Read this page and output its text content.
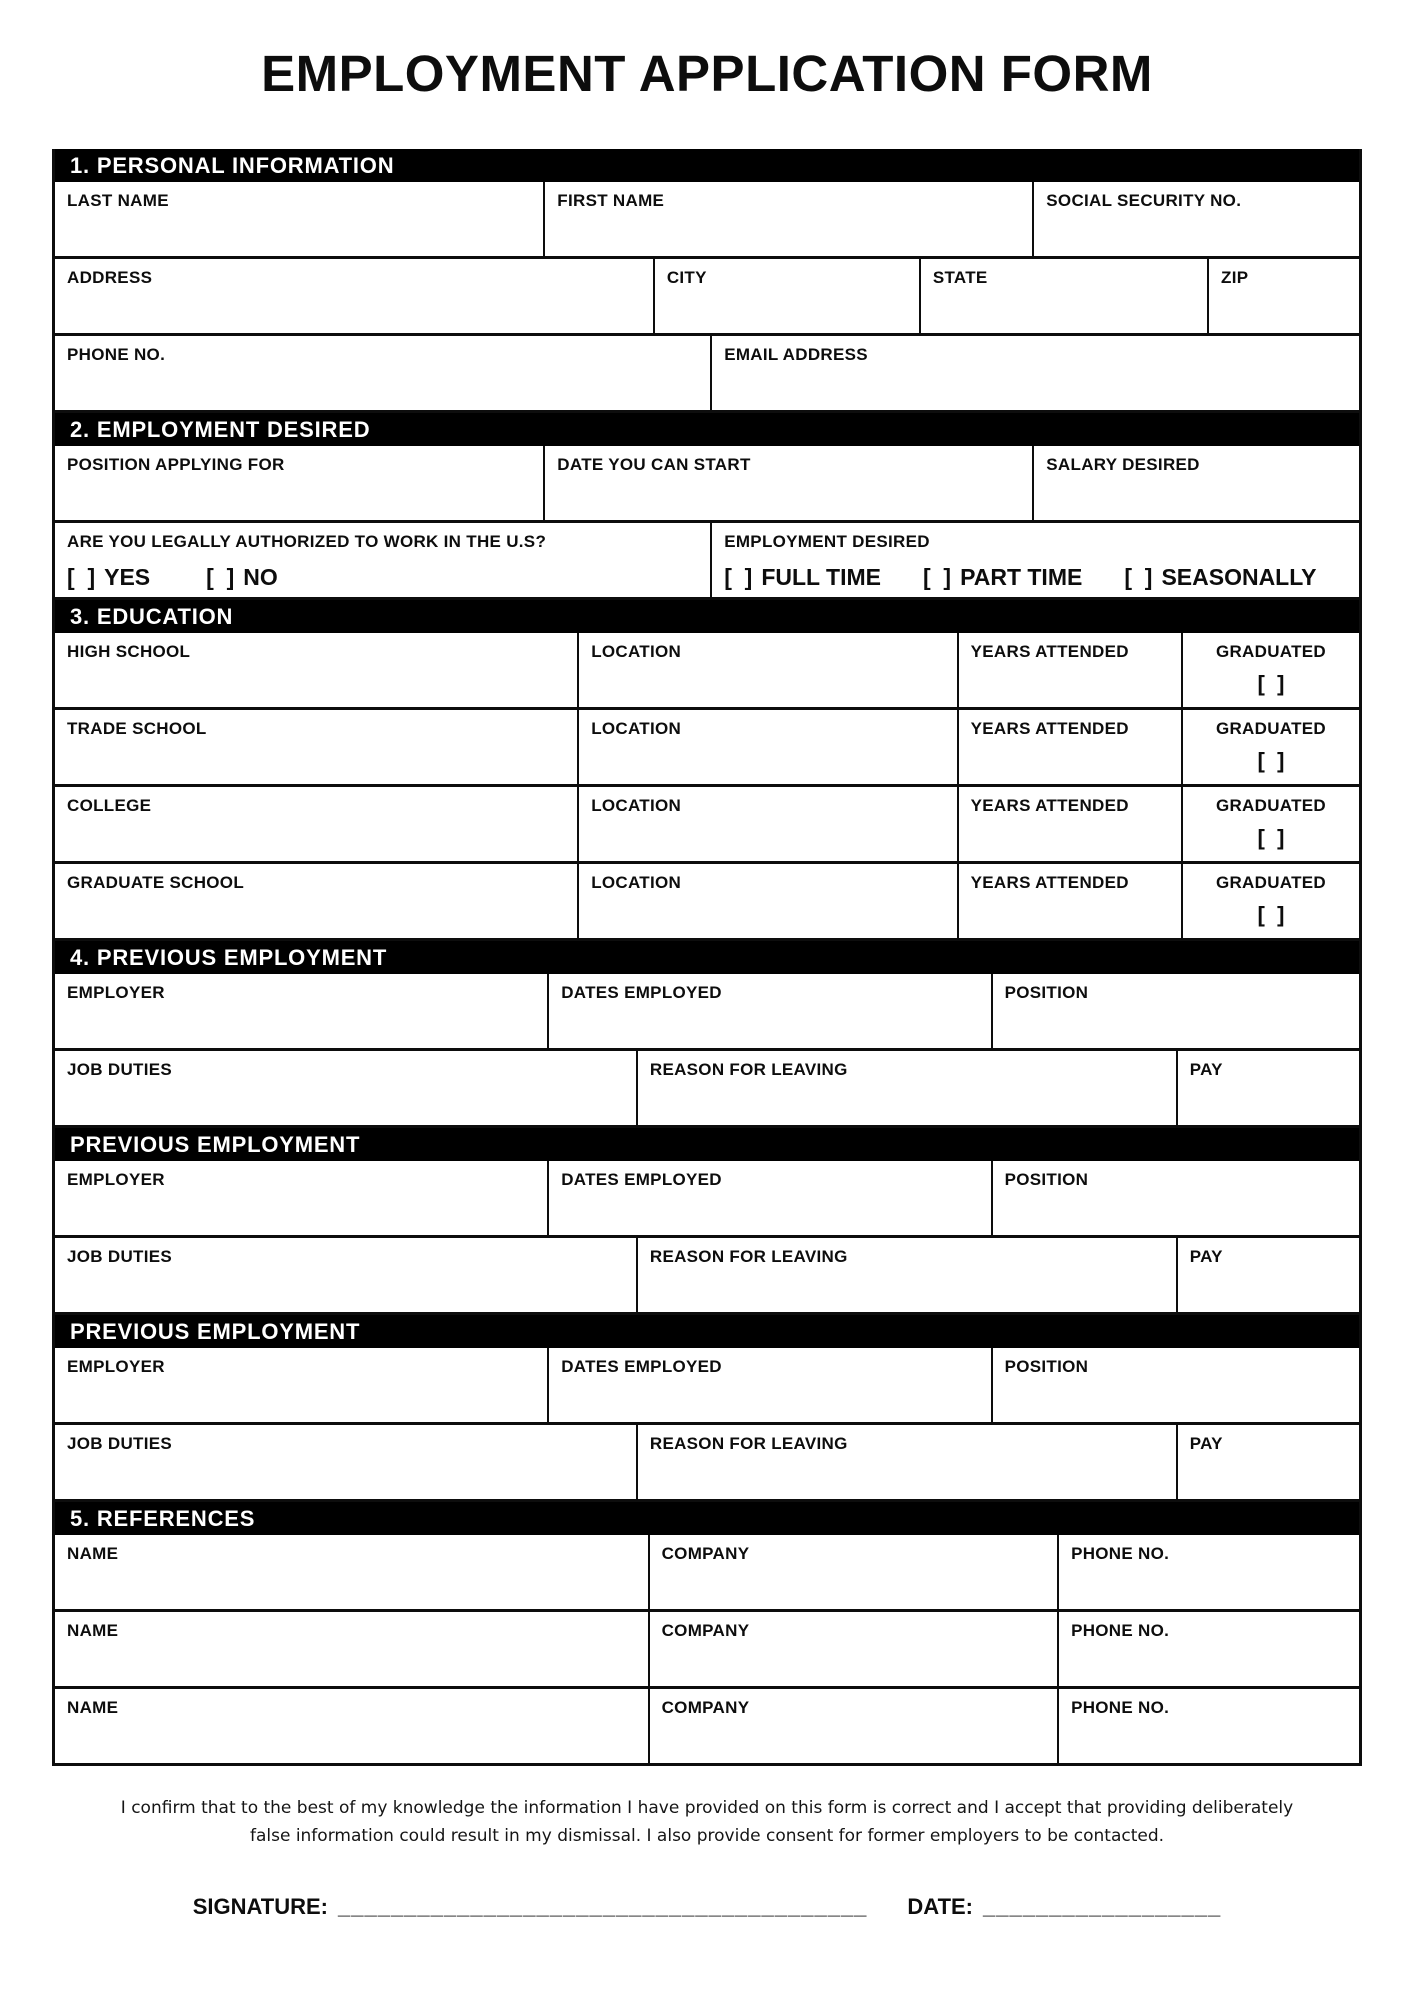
EMPLOYMENT APPLICATION FORM
1. PERSONAL INFORMATION
LAST NAME	FIRST NAME	SOCIAL SECURITY NO.
ADDRESS	CITY	STATE	ZIP
PHONE NO.	EMAIL ADDRESS
2. EMPLOYMENT DESIRED
POSITION APPLYING FOR	DATE YOU CAN START	SALARY DESIRED
ARE YOU LEGALLY AUTHORIZED TO WORK IN THE U.S?
[  ] YES [  ] NO
EMPLOYMENT DESIRED
[  ] FULL TIME [  ] PART TIME [  ] SEASONALLY
3. EDUCATION
HIGH SCHOOL	LOCATION	YEARS ATTENDED	GRADUATED
[  ]
TRADE SCHOOL	LOCATION	YEARS ATTENDED	GRADUATED
[  ]
COLLEGE	LOCATION	YEARS ATTENDED	GRADUATED
[  ]
GRADUATE SCHOOL	LOCATION	YEARS ATTENDED	GRADUATED
[  ]
4. PREVIOUS EMPLOYMENT
EMPLOYER	DATES EMPLOYED	POSITION
JOB DUTIES	REASON FOR LEAVING	PAY
PREVIOUS EMPLOYMENT
EMPLOYER	DATES EMPLOYED	POSITION
JOB DUTIES	REASON FOR LEAVING	PAY
PREVIOUS EMPLOYMENT
EMPLOYER	DATES EMPLOYED	POSITION
JOB DUTIES	REASON FOR LEAVING	PAY
5. REFERENCES
NAME	COMPANY	PHONE NO.
NAME	COMPANY	PHONE NO.
NAME	COMPANY	PHONE NO.

I confirm that to the best of my knowledge the information I have provided on this form is correct and I accept that providing deliberately false information could result in my dismissal. I also provide consent for former employers to be contacted.

SIGNATURE: ________________________________________ DATE: __________________
